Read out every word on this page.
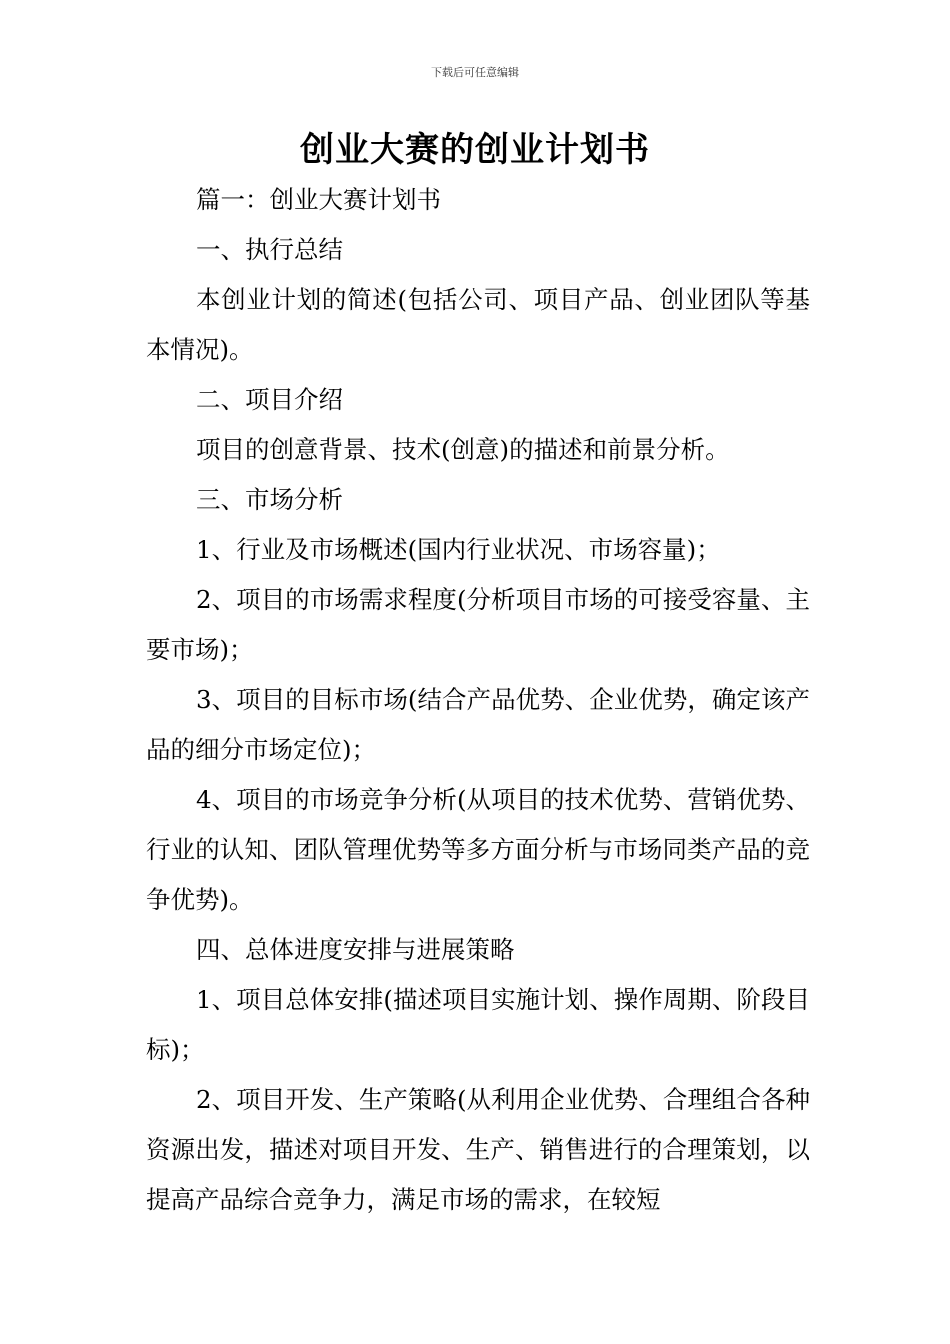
下载后可任意编辑
创业大赛的创业计划书

篇一：创业大赛计划书

一、执行总结

本创业计划的简述(包括公司、项目产品、创业团队等基本情况)。

二、项目介绍

项目的创意背景、技术(创意)的描述和前景分析。

三、市场分析

1、行业及市场概述(国内行业状况、市场容量)；

2、项目的市场需求程度(分析项目市场的可接受容量、主要市场)；

3、项目的目标市场(结合产品优势、企业优势，确定该产品的细分市场定位)；

4、项目的市场竞争分析(从项目的技术优势、营销优势、行业的认知、团队管理优势等多方面分析与市场同类产品的竞争优势)。

四、总体进度安排与进展策略

1、项目总体安排(描述项目实施计划、操作周期、阶段目标)；

2、项目开发、生产策略(从利用企业优势、合理组合各种资源出发，描述对项目开发、生产、销售进行的合理策划，以提高产品综合竞争力，满足市场的需求，在较短
